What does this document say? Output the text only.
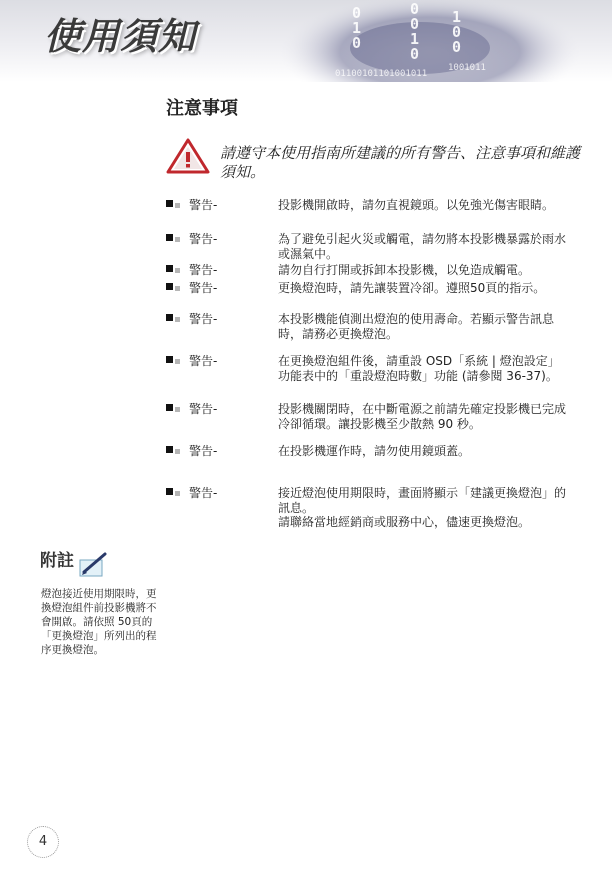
0
1
0
0
0
1
0
1
0
0
01100101101001011
1001011
使用須知
注意事項
請遵守本使用指南所建議的所有警告、注意事項和維護須知。
警告-	投影機開啟時，請勿直視鏡頭。以免強光傷害眼睛。
警告-	為了避免引起火災或觸電，請勿將本投影機暴露於雨水或濕氣中。
警告-	請勿自行打開或拆卸本投影機，以免造成觸電。
警告-	更換燈泡時，請先讓裝置冷卻。遵照50頁的指示。
警告-	本投影機能偵測出燈泡的使用壽命。若顯示警告訊息時，請務必更換燈泡。
警告-	在更換燈泡組件後，請重設 OSD「系統 | 燈泡設定」功能表中的「重設燈泡時數」功能 (請參閱 36-37)。
警告-	投影機關閉時，在中斷電源之前請先確定投影機已完成冷卻循環。讓投影機至少散熱 90 秒。
警告-	在投影機運作時，請勿使用鏡頭蓋。
警告-	接近燈泡使用期限時，畫面將顯示「建議更換燈泡」的訊息。
請聯絡當地經銷商或服務中心，儘速更換燈泡。
附註
燈泡接近使用期限時，更換燈泡組件前投影機將不會開啟。請依照 50頁的「更換燈泡」所列出的程序更換燈泡。
4
